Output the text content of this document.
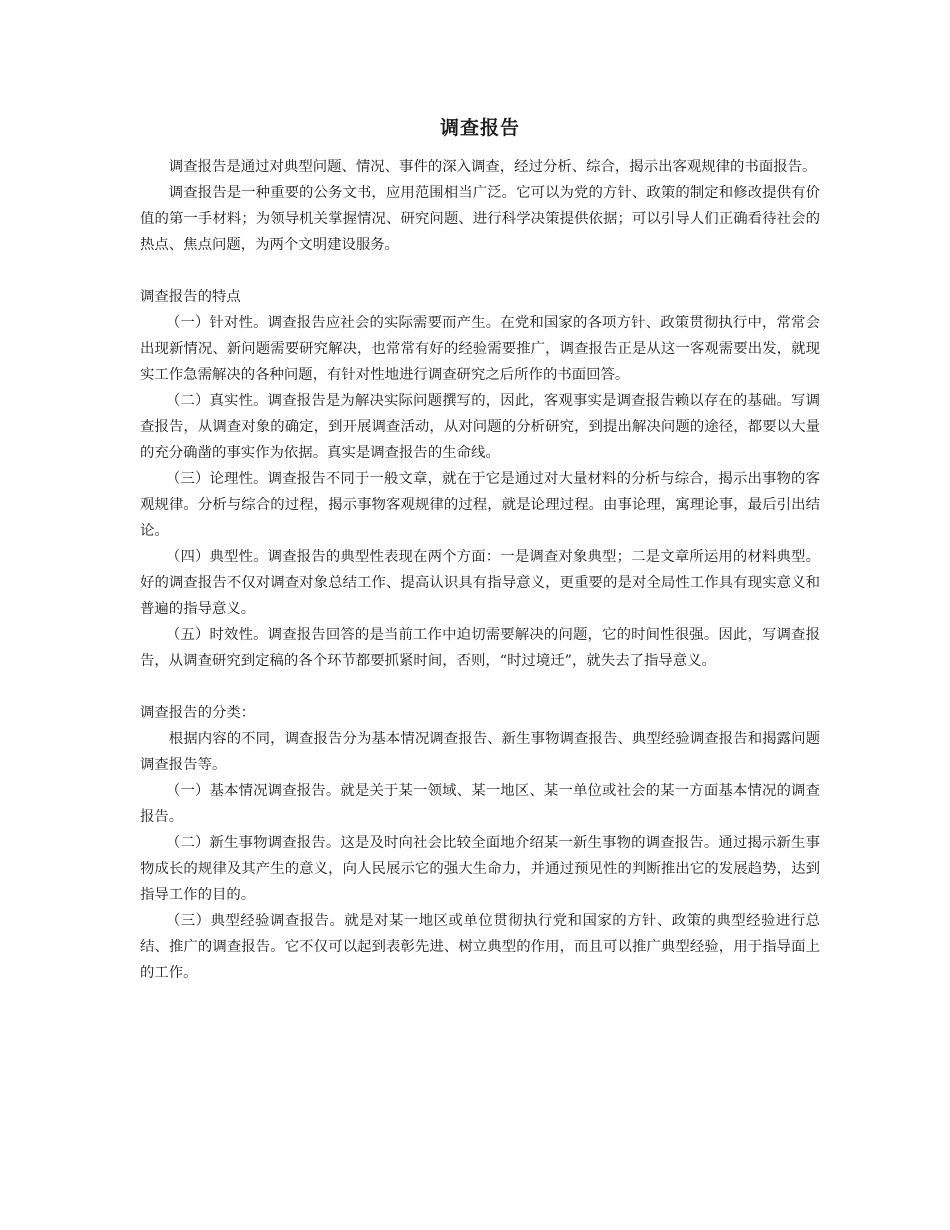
调查报告

调查报告是通过对典型问题、情况、事件的深入调查，经过分析、综合，揭示出客观规律的书面报告。

调查报告是一种重要的公务文书，应用范围相当广泛。它可以为党的方针、政策的制定和修改提供有价值的第一手材料；为领导机关掌握情况、研究问题、进行科学决策提供依据；可以引导人们正确看待社会的热点、焦点问题，为两个文明建设服务。

调查报告的特点

（一）针对性。调查报告应社会的实际需要而产生。在党和国家的各项方针、政策贯彻执行中，常常会出现新情况、新问题需要研究解决，也常常有好的经验需要推广，调查报告正是从这一客观需要出发，就现实工作急需解决的各种问题，有针对性地进行调查研究之后所作的书面回答。

（二）真实性。调查报告是为解决实际问题撰写的，因此，客观事实是调查报告赖以存在的基础。写调查报告，从调查对象的确定，到开展调查活动，从对问题的分析研究，到提出解决问题的途径，都要以大量的充分确凿的事实作为依据。真实是调查报告的生命线。

（三）论理性。调查报告不同于一般文章，就在于它是通过对大量材料的分析与综合，揭示出事物的客观规律。分析与综合的过程，揭示事物客观规律的过程，就是论理过程。由事论理，寓理论事，最后引出结论。

（四）典型性。调查报告的典型性表现在两个方面：一是调查对象典型；二是文章所运用的材料典型。好的调查报告不仅对调查对象总结工作、提高认识具有指导意义，更重要的是对全局性工作具有现实意义和普遍的指导意义。

（五）时效性。调查报告回答的是当前工作中迫切需要解决的问题，它的时间性很强。因此，写调查报告，从调查研究到定稿的各个环节都要抓紧时间，否则，“时过境迁”，就失去了指导意义。

调查报告的分类：

根据内容的不同，调查报告分为基本情况调查报告、新生事物调查报告、典型经验调查报告和揭露问题调查报告等。

（一）基本情况调查报告。就是关于某一领域、某一地区、某一单位或社会的某一方面基本情况的调查报告。

（二）新生事物调查报告。这是及时向社会比较全面地介绍某一新生事物的调查报告。通过揭示新生事物成长的规律及其产生的意义，向人民展示它的强大生命力，并通过预见性的判断推出它的发展趋势，达到指导工作的目的。

（三）典型经验调查报告。就是对某一地区或单位贯彻执行党和国家的方针、政策的典型经验进行总结、推广的调查报告。它不仅可以起到表彰先进、树立典型的作用，而且可以推广典型经验，用于指导面上的工作。
